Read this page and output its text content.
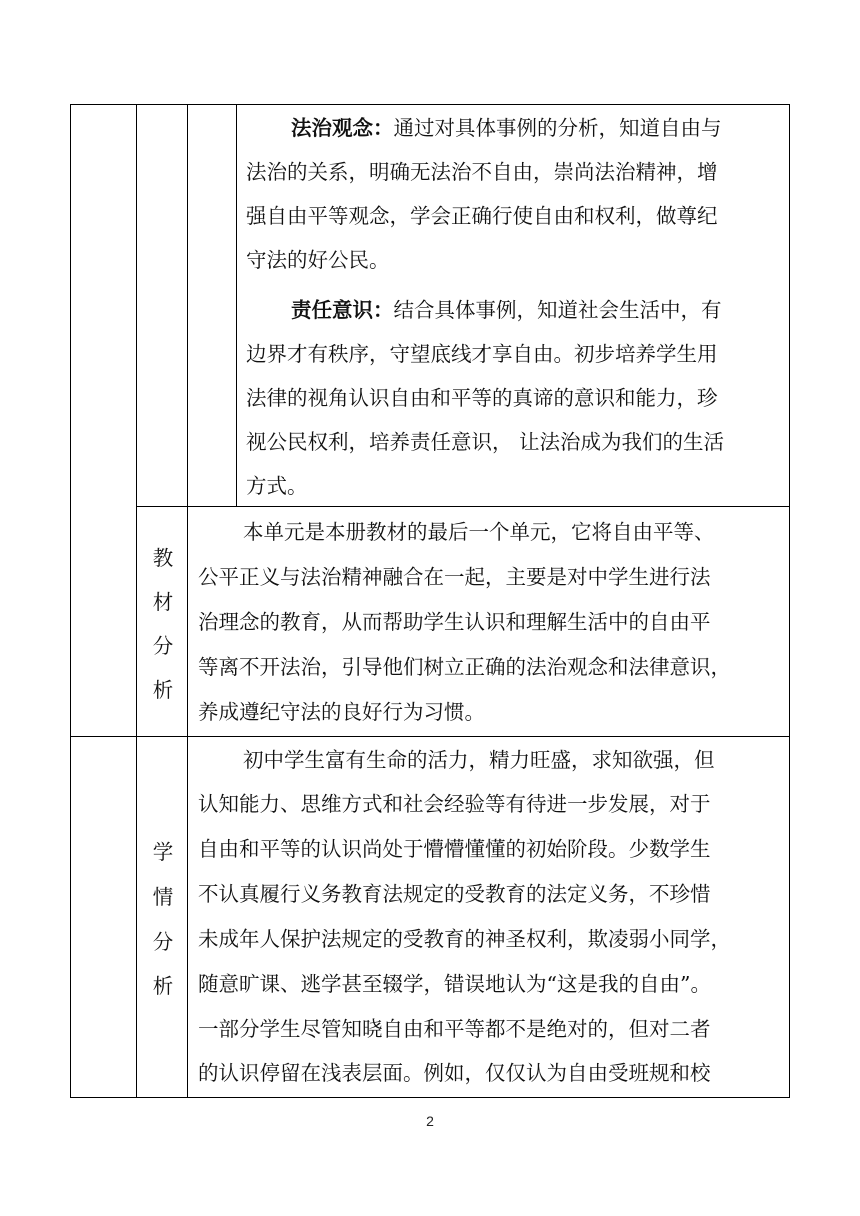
法治观念：通过对具体事例的分析，知道自由与
法治的关系，明确无法治不自由，崇尚法治精神，增
强自由平等观念，学会正确行使自由和权利，做尊纪
守法的好公民。
责任意识：结合具体事例，知道社会生活中，有
边界才有秩序，守望底线才享自由。初步培养学生用
法律的视角认识自由和平等的真谛的意识和能力，珍
视公民权利，培养责任意识， 让法治成为我们的生活
方式。
教
材
分
析
本单元是本册教材的最后一个单元，它将自由平等、
公平正义与法治精神融合在一起，主要是对中学生进行法
治理念的教育，从而帮助学生认识和理解生活中的自由平
等离不开法治，引导他们树立正确的法治观念和法律意识，
养成遵纪守法的良好行为习惯。
学
情
分
析
初中学生富有生命的活力，精力旺盛，求知欲强，但
认知能力、思维方式和社会经验等有待进一步发展，对于
自由和平等的认识尚处于懵懵懂懂的初始阶段。少数学生
不认真履行义务教育法规定的受教育的法定义务，不珍惜
未成年人保护法规定的受教育的神圣权利，欺凌弱小同学，
随意旷课、逃学甚至辍学，错误地认为“这是我的自由”。
一部分学生尽管知晓自由和平等都不是绝对的，但对二者
的认识停留在浅表层面。例如，仅仅认为自由受班规和校
2
